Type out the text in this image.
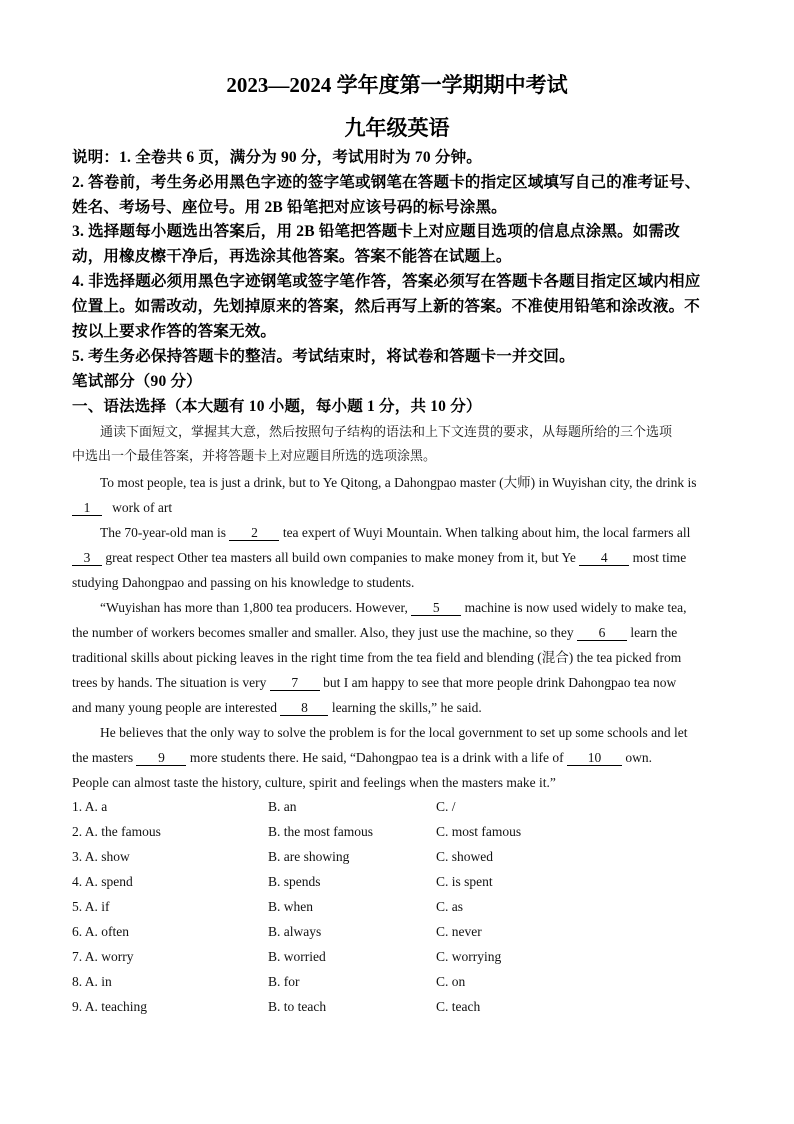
2023—2024 学年度第一学期期中考试
九年级英语
说明：1. 全卷共 6 页，满分为 90 分，考试用时为 70 分钟。
2. 答卷前，考生务必用黑色字迹的签字笔或钢笔在答题卡的指定区域填写自己的准考证号、
姓名、考场号、座位号。用 2B 铅笔把对应该号码的标号涂黑。
3. 选择题每小题选出答案后，用 2B 铅笔把答题卡上对应题目选项的信息点涂黑。如需改
动，用橡皮檫干净后，再选涂其他答案。答案不能答在试题上。
4. 非选择题必须用黑色字迹钢笔或签字笔作答，答案必须写在答题卡各题目指定区域内相应
位置上。如需改动，先划掉原来的答案，然后再写上新的答案。不准使用铅笔和涂改液。不
按以上要求作答的答案无效。
5. 考生务必保持答题卡的整洁。考试结束时，将试卷和答题卡一并交回。
笔试部分（90 分）
一、语法选择（本大题有 10 小题，每小题 1 分，共 10 分）
通读下面短文，掌握其大意，然后按照句子结构的语法和上下文连贯的要求，从每题所给的三个选项
中选出一个最佳答案，并将答题卡上对应题目所选的选项涂黑。
To most people, tea is just a drink, but to Ye Qitong, a Dahongpao master (大师) in Wuyishan city, the drink is
1 work of art
The 70-year-old man is 2 tea expert of Wuyi Mountain. When talking about him, the local farmers all
3 great respect Other tea masters all build own companies to make money from it, but Ye 4 most time
studying Dahongpao and passing on his knowledge to students.
“Wuyishan has more than 1,800 tea producers. However, 5 machine is now used widely to make tea,
the number of workers becomes smaller and smaller. Also, they just use the machine, so they 6 learn the
traditional skills about picking leaves in the right time from the tea field and blending (混合) the tea picked from
trees by hands. The situation is very 7 but I am happy to see that more people drink Dahongpao tea now
and many young people are interested 8 learning the skills,” he said.
He believes that the only way to solve the problem is for the local government to set up some schools and let
the masters 9 more students there. He said, “Dahongpao tea is a drink with a life of 10 own.
People can almost taste the history, culture, spirit and feelings when the masters make it.”
1. A. a	B. an	C. /
2. A. the famous	B. the most famous	C. most famous
3. A. show	B. are showing	C. showed
4. A. spend	B. spends	C. is spent
5. A. if	B. when	C. as
6. A. often	B. always	C. never
7. A. worry	B. worried	C. worrying
8. A. in	B. for	C. on
9. A. teaching	B. to teach	C. teach
